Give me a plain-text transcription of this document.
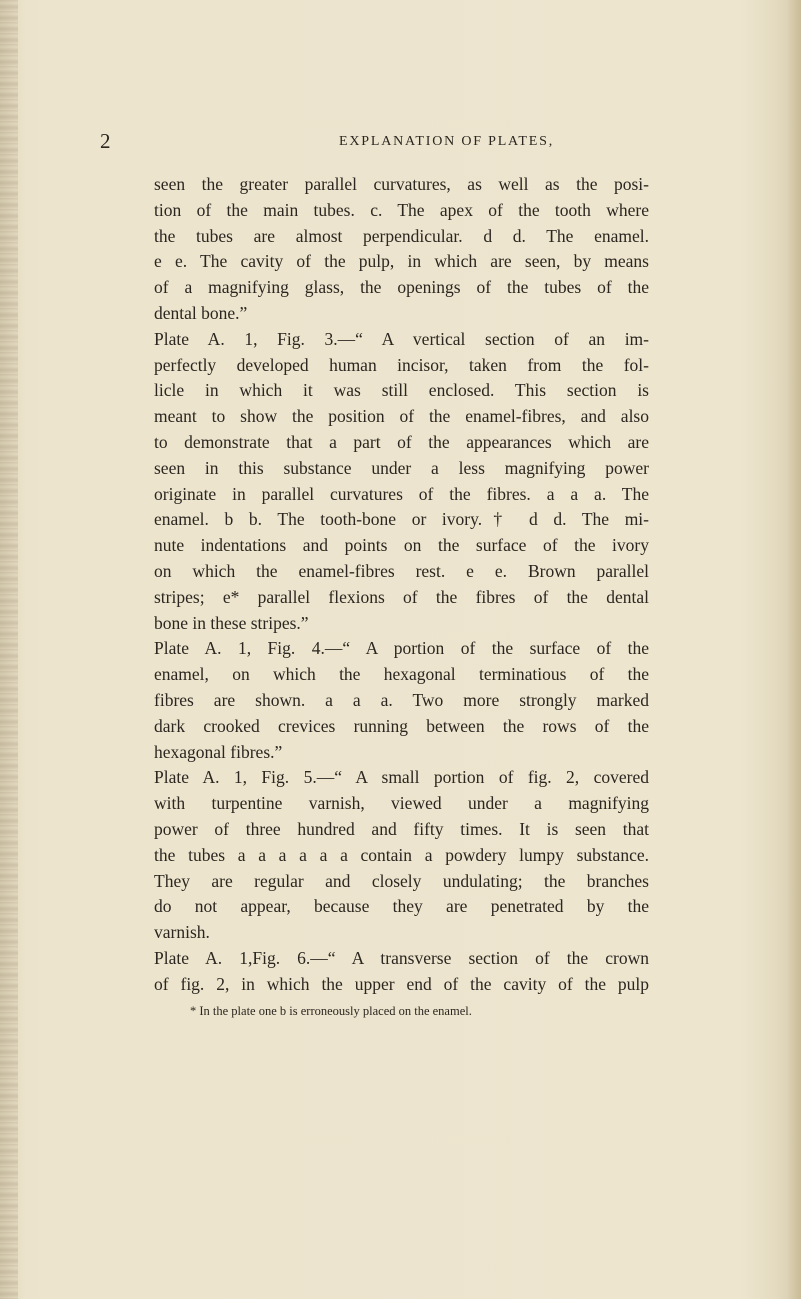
2	EXPLANATION OF PLATES,

seen the greater parallel curvatures, as well as the posi-

tion of the main tubes. c. The apex of the tooth where

the tubes are almost perpendicular. d d. The enamel.

e e. The cavity of the pulp, in which are seen, by means

of a magnifying glass, the openings of the tubes of the

dental bone.”

Plate A. 1, Fig. 3.—“ A vertical section of an im-

perfectly developed human incisor, taken from the fol-

licle in which it was still enclosed. This section is

meant to show the position of the enamel-fibres, and also

to demonstrate that a part of the appearances which are

seen in this substance under a less magnifying power

originate in parallel curvatures of the fibres. a a a. The

enamel. b b. The tooth-bone or ivory.† d d. The mi-

nute indentations and points on the surface of the ivory

on which the enamel-fibres rest. e e. Brown parallel

stripes; e* parallel flexions of the fibres of the dental

bone in these stripes.”

Plate A. 1, Fig. 4.—“ A portion of the surface of the

enamel, on which the hexagonal terminatious of the

fibres are shown. a a a. Two more strongly marked

dark crooked crevices running between the rows of the

hexagonal fibres.”

Plate A. 1, Fig. 5.—“ A small portion of fig. 2, covered

with turpentine varnish, viewed under a magnifying

power of three hundred and fifty times. It is seen that

the tubes a a a a a a contain a powdery lumpy substance.

They are regular and closely undulating; the branches

do not appear, because they are penetrated by the

varnish.

Plate A. 1,Fig. 6.—“ A transverse section of the crown

of fig. 2, in which the upper end of the cavity of the pulp

* In the plate one b is erroneously placed on the enamel.
